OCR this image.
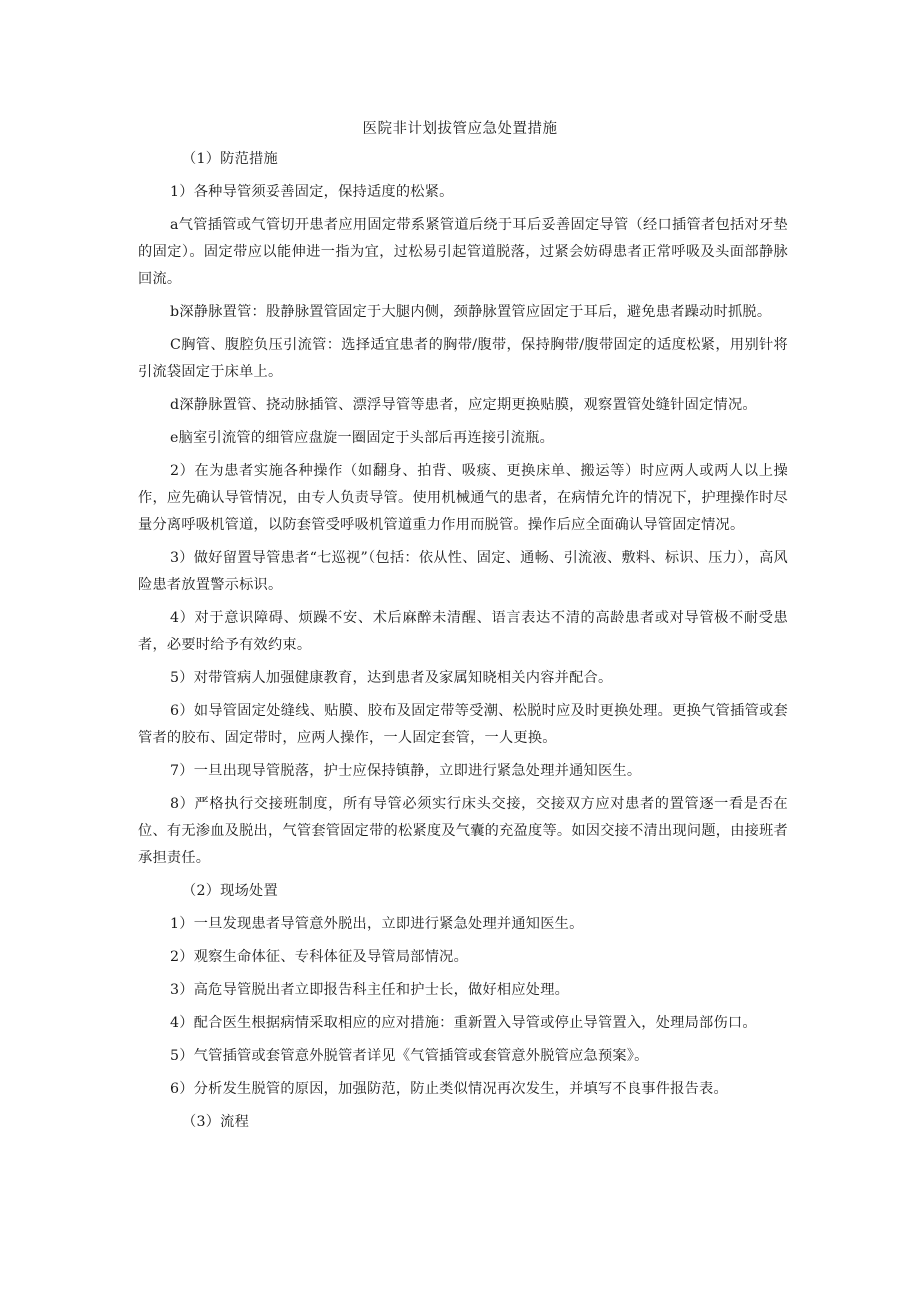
医院非计划拔管应急处置措施

（1）防范措施

1）各种导管须妥善固定，保持适度的松紧。

a气管插管或气管切开患者应用固定带系紧管道后绕于耳后妥善固定导管（经口插管者包括对牙垫的固定）。固定带应以能伸进一指为宜，过松易引起管道脱落，过紧会妨碍患者正常呼吸及头面部静脉回流。

b深静脉置管：股静脉置管固定于大腿内侧，颈静脉置管应固定于耳后，避免患者躁动时抓脱。

C胸管、腹腔负压引流管：选择适宜患者的胸带/腹带，保持胸带/腹带固定的适度松紧，用别针将引流袋固定于床单上。

d深静脉置管、挠动脉插管、漂浮导管等患者，应定期更换贴膜，观察置管处缝针固定情况。

e脑室引流管的细管应盘旋一圈固定于头部后再连接引流瓶。

2）在为患者实施各种操作（如翻身、拍背、吸痰、更换床单、搬运等）时应两人或两人以上操作，应先确认导管情况，由专人负责导管。使用机械通气的患者，在病情允许的情况下，护理操作时尽量分离呼吸机管道，以防套管受呼吸机管道重力作用而脱管。操作后应全面确认导管固定情况。

3）做好留置导管患者“七巡视”（包括：依从性、固定、通畅、引流液、敷料、标识、压力），高风险患者放置警示标识。

4）对于意识障碍、烦躁不安、术后麻醉未清醒、语言表达不清的高龄患者或对导管极不耐受患者，必要时给予有效约束。

5）对带管病人加强健康教育，达到患者及家属知晓相关内容并配合。

6）如导管固定处缝线、贴膜、胶布及固定带等受潮、松脱时应及时更换处理。更换气管插管或套管者的胶布、固定带时，应两人操作，一人固定套管，一人更换。

7）一旦出现导管脱落，护士应保持镇静，立即进行紧急处理并通知医生。

8）严格执行交接班制度，所有导管必须实行床头交接，交接双方应对患者的置管逐一看是否在位、有无渗血及脱出，气管套管固定带的松紧度及气囊的充盈度等。如因交接不清出现问题，由接班者承担责任。

（2）现场处置

1）一旦发现患者导管意外脱出，立即进行紧急处理并通知医生。

2）观察生命体征、专科体征及导管局部情况。

3）高危导管脱出者立即报告科主任和护士长，做好相应处理。

4）配合医生根据病情采取相应的应对措施：重新置入导管或停止导管置入，处理局部伤口。

5）气管插管或套管意外脱管者详见《气管插管或套管意外脱管应急预案》。

6）分析发生脱管的原因，加强防范，防止类似情况再次发生，并填写不良事件报告表。

（3）流程
